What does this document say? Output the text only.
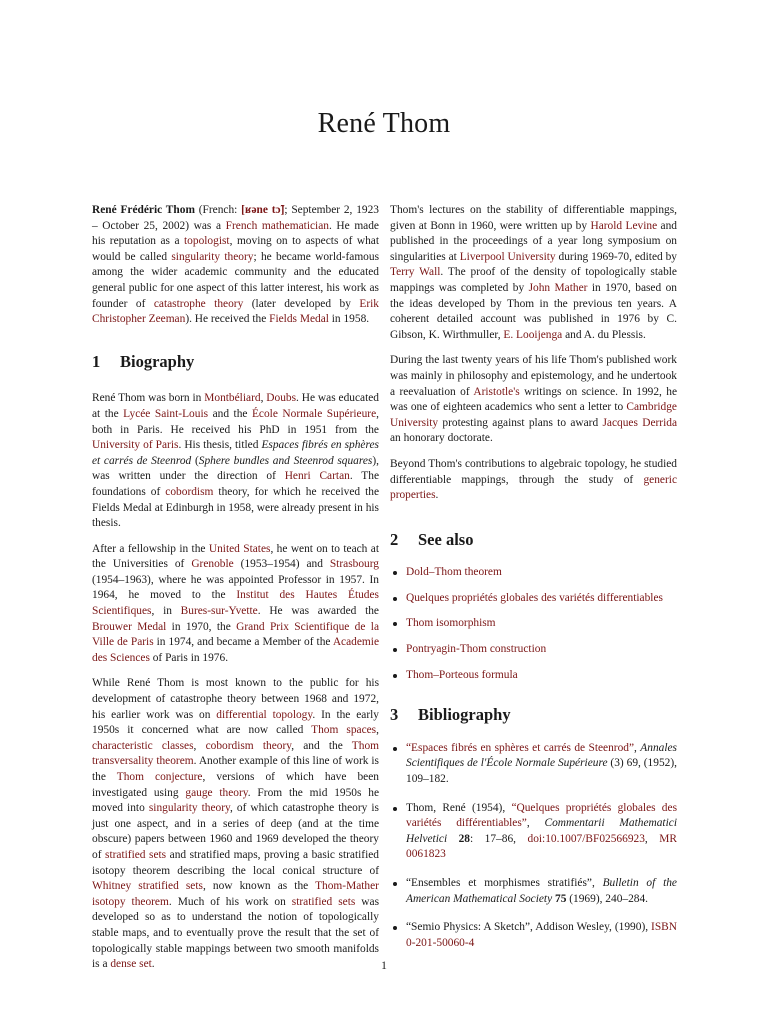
René Thom

René Frédéric Thom (French: [ʁəne tɔ̃]; September 2, 1923 – October 25, 2002) was a French mathematician. He made his reputation as a topologist, moving on to aspects of what would be called singularity theory; he became world-famous among the wider academic community and the educated general public for one aspect of this latter interest, his work as founder of catastrophe theory (later developed by Erik Christopher Zeeman). He received the Fields Medal in 1958.

1 Biography

René Thom was born in Montbéliard, Doubs. He was educated at the Lycée Saint-Louis and the École Normale Supérieure, both in Paris. He received his PhD in 1951 from the University of Paris. His thesis, titled Espaces fibrés en sphères et carrés de Steenrod (Sphere bundles and Steenrod squares), was written under the direction of Henri Cartan. The foundations of cobordism theory, for which he received the Fields Medal at Edinburgh in 1958, were already present in his thesis.

After a fellowship in the United States, he went on to teach at the Universities of Grenoble (1953–1954) and Strasbourg (1954–1963), where he was appointed Professor in 1957. In 1964, he moved to the Institut des Hautes Études Scientifiques, in Bures-sur-Yvette. He was awarded the Brouwer Medal in 1970, the Grand Prix Scientifique de la Ville de Paris in 1974, and became a Member of the Academie des Sciences of Paris in 1976.

While René Thom is most known to the public for his development of catastrophe theory between 1968 and 1972, his earlier work was on differential topology. In the early 1950s it concerned what are now called Thom spaces, characteristic classes, cobordism theory, and the Thom transversality theorem. Another example of this line of work is the Thom conjecture, versions of which have been investigated using gauge theory. From the mid 1950s he moved into singularity theory, of which catastrophe theory is just one aspect, and in a series of deep (and at the time obscure) papers between 1960 and 1969 developed the theory of stratified sets and stratified maps, proving a basic stratified isotopy theorem describing the local conical structure of Whitney stratified sets, now known as the Thom-Mather isotopy theorem. Much of his work on stratified sets was developed so as to understand the notion of topologically stable maps, and to eventually prove the result that the set of topologically stable mappings between two smooth manifolds is a dense set.

Thom's lectures on the stability of differentiable mappings, given at Bonn in 1960, were written up by Harold Levine and published in the proceedings of a year long symposium on singularities at Liverpool University during 1969-70, edited by Terry Wall. The proof of the density of topologically stable mappings was completed by John Mather in 1970, based on the ideas developed by Thom in the previous ten years. A coherent detailed account was published in 1976 by C. Gibson, K. Wirthmuller, E. Looijenga and A. du Plessis.

During the last twenty years of his life Thom's published work was mainly in philosophy and epistemology, and he undertook a reevaluation of Aristotle's writings on science. In 1992, he was one of eighteen academics who sent a letter to Cambridge University protesting against plans to award Jacques Derrida an honorary doctorate.

Beyond Thom's contributions to algebraic topology, he studied differentiable mappings, through the study of generic properties.

2 See also
Dold–Thom theorem
Quelques propriétés globales des variétés differentiables
Thom isomorphism
Pontryagin-Thom construction
Thom–Porteous formula
3 Bibliography
“Espaces fibrés en sphères et carrés de Steenrod”, Annales Scientifiques de l'École Normale Supérieure (3) 69, (1952), 109–182.
Thom, René (1954), “Quelques propriétés globales des variétés différentiables”, Commentarii Mathematici Helvetici 28: 17–86, doi:10.1007/BF02566923, MR 0061823
“Ensembles et morphismes stratifiés”, Bulletin of the American Mathematical Society 75 (1969), 240–284.
“Semio Physics: A Sketch”, Addison Wesley, (1990), ISBN 0-201-50060-4
1
